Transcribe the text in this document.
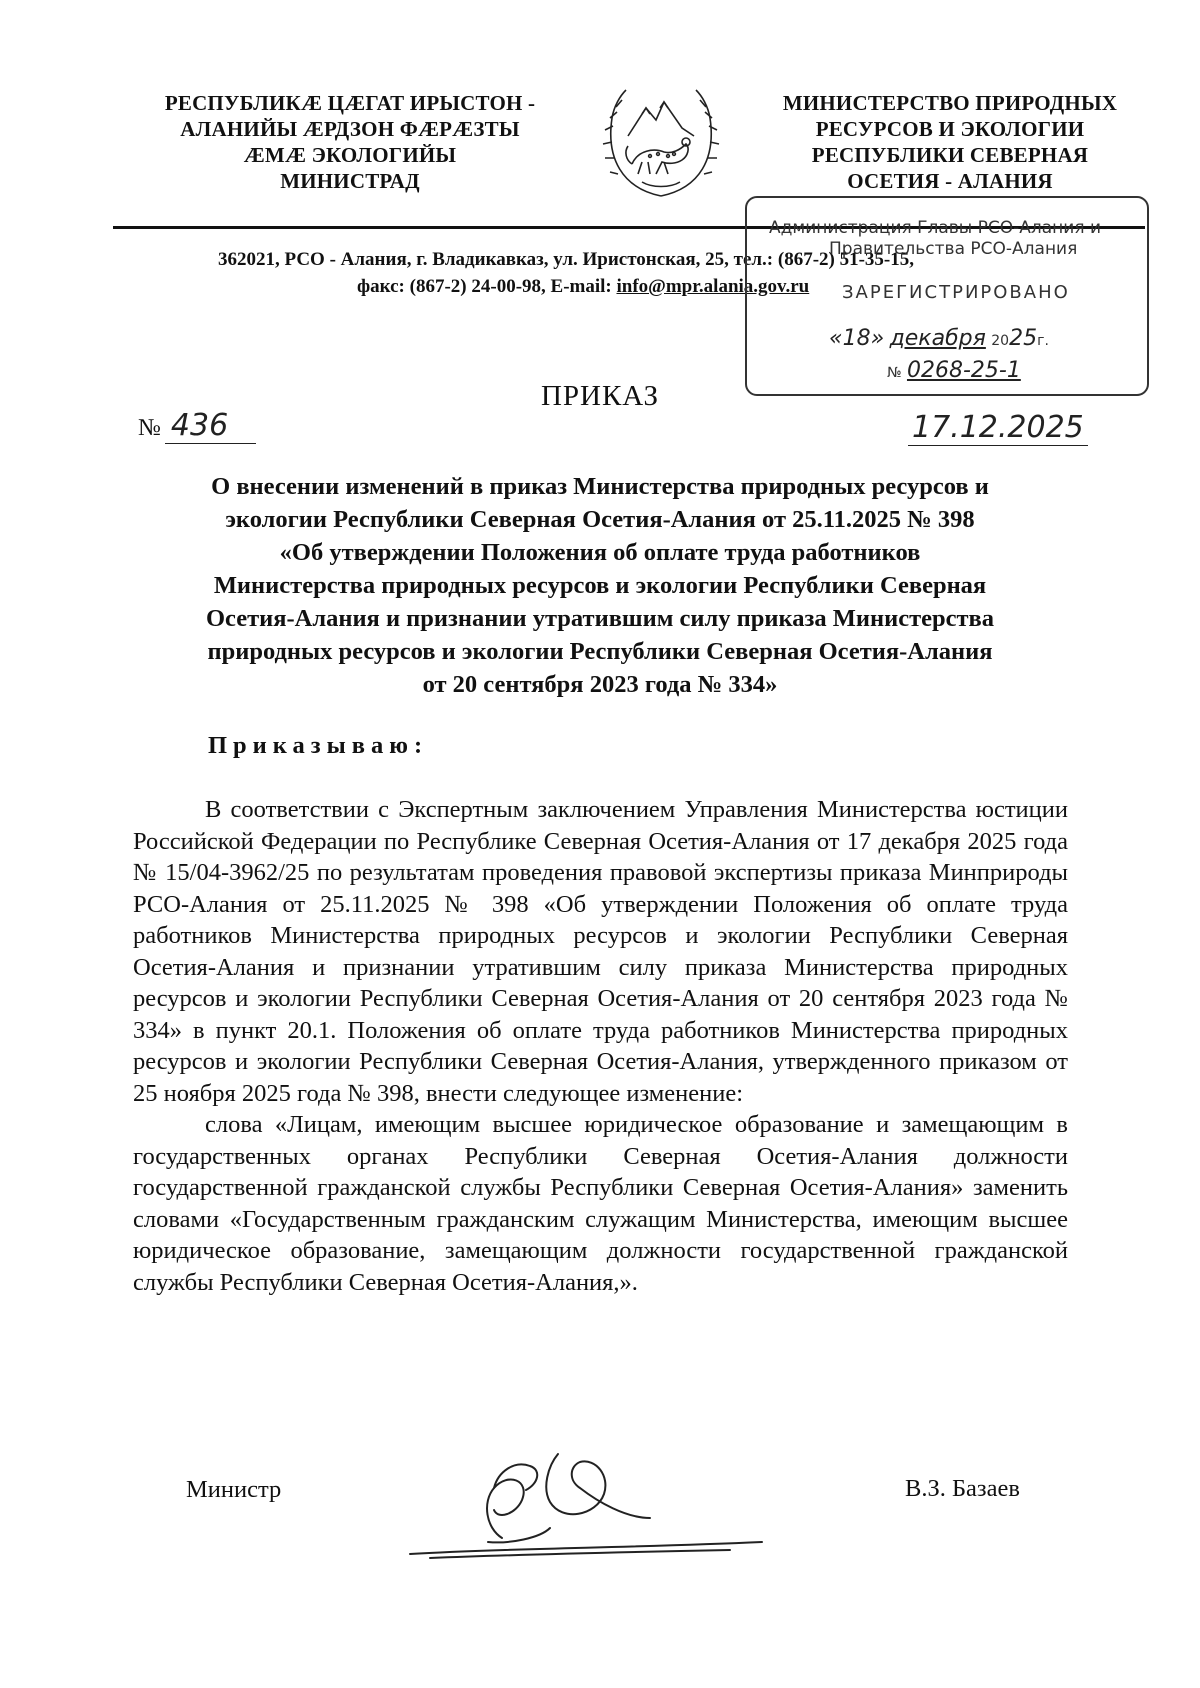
РЕСПУБЛИКӔ ЦӔГАТ ИРЫСТОН -
АЛАНИЙЫ ӔРДЗОН ФӔРӔЗТЫ
ӔМӔ ЭКОЛОГИЙЫ
МИНИСТРАД
МИНИСТЕРСТВО ПРИРОДНЫХ
РЕСУРСОВ И ЭКОЛОГИИ
РЕСПУБЛИКИ СЕВЕРНАЯ
ОСЕТИЯ - АЛАНИЯ
362021, РСО - Алания, г. Владикавказ, ул. Иристонская, 25, тел.: (867-2) 51-35-15,
факс: (867-2) 24-00-98, E-mail: info@mpr.alania.gov.ru
Администрация Главы РСО-Алания и
Правительства РСО-Алания
ЗАРЕГИСТРИРОВАНО
«18» декабря 2025г.
№ 0268-25-1
ПРИКАЗ
№ 436	17.12.2025
О внесении изменений в приказ Министерства природных ресурсов и
экологии Республики Северная Осетия-Алания от 25.11.2025 № 398
«Об утверждении Положения об оплате труда работников
Министерства природных ресурсов и экологии Республики Северная
Осетия-Алания и признании утратившим силу приказа Министерства
природных ресурсов и экологии Республики Северная Осетия-Алания
от 20 сентября 2023 года № 334»
Приказываю:

В соответствии с Экспертным заключением Управления Министерства юстиции Российской Федерации по Республике Северная Осетия-Алания от 17 декабря 2025 года № 15/04-3962/25 по результатам проведения правовой экспертизы приказа Минприроды РСО-Алания от 25.11.2025 № 398 «Об утверждении Положения об оплате труда работников Министерства природных ресурсов и экологии Республики Северная Осетия-Алания и признании утратившим силу приказа Министерства природных ресурсов и экологии Республики Северная Осетия-Алания от 20 сентября 2023 года № 334» в пункт 20.1. Положения об оплате труда работников Министерства природных ресурсов и экологии Республики Северная Осетия-Алания, утвержденного приказом от 25 ноября 2025 года № 398, внести следующее изменение:

слова «Лицам, имеющим высшее юридическое образование и замещающим в государственных органах Республики Северная Осетия-Алания должности государственной гражданской службы Республики Северная Осетия-Алания» заменить словами «Государственным гражданским служащим Министерства, имеющим высшее юридическое образование, замещающим должности государственной гражданской службы Республики Северная Осетия-Алания,».

Министр	В.З. Базаев
